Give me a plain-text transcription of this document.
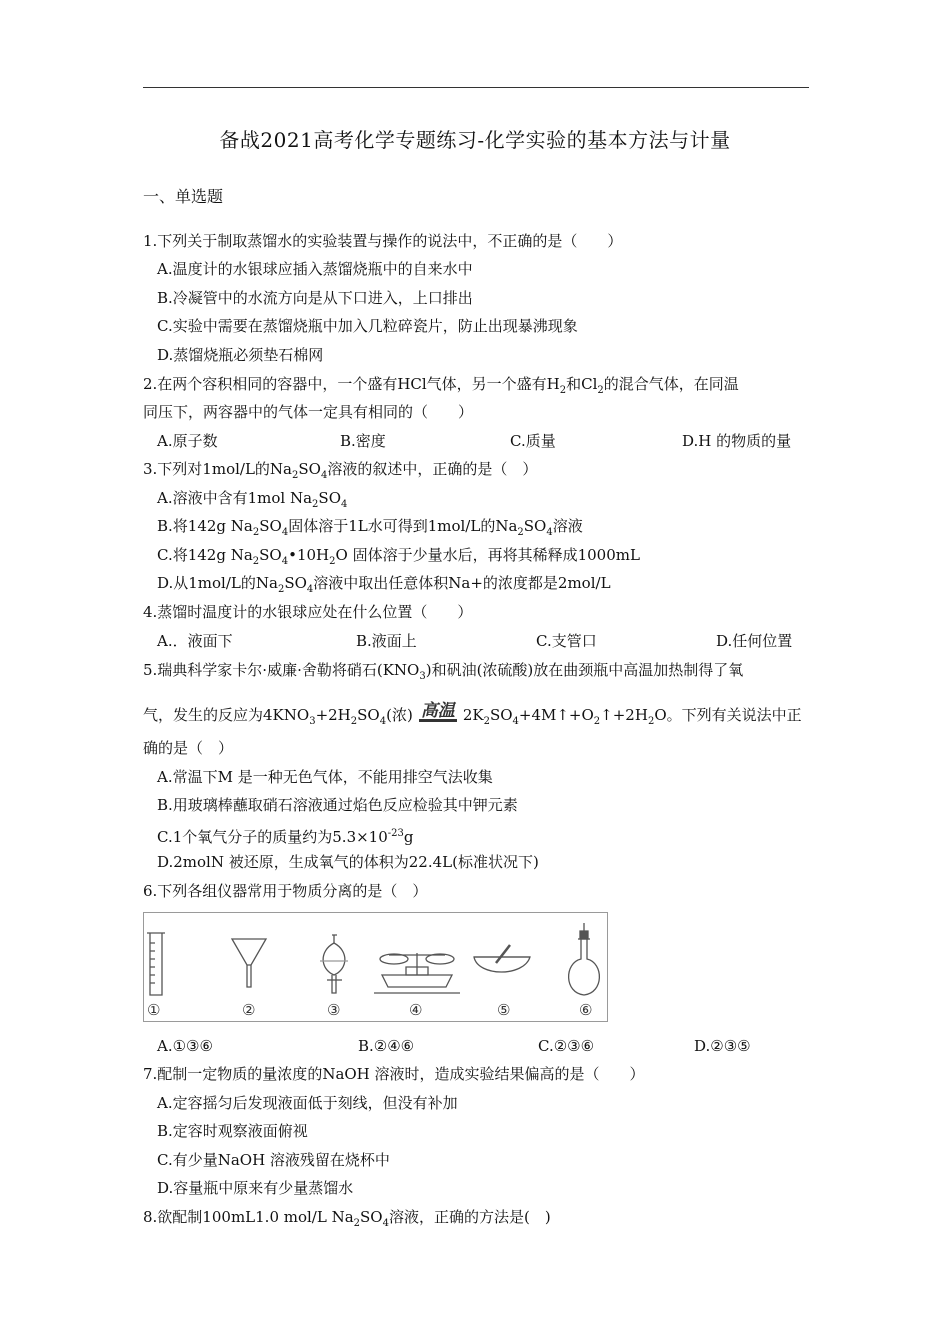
备战2021高考化学专题练习-化学实验的基本方法与计量
一、单选题
1.下列关于制取蒸馏水的实验装置与操作的说法中，不正确的是（　　）
A.温度计的水银球应插入蒸馏烧瓶中的自来水中
B.冷凝管中的水流方向是从下口进入，上口排出
C.实验中需要在蒸馏烧瓶中加入几粒碎瓷片，防止出现暴沸现象
D.蒸馏烧瓶必须垫石棉网
2.在两个容积相同的容器中，一个盛有HCl气体，另一个盛有$H_2$和$Cl_2$的混合气体，在同温
同压下，两容器中的气体一定具有相同的（　　）
A.原子数	B.密度	C.质量	D.H 的物质的量
3.下列对1mol/L的$Na_2SO_4$溶液的叙述中，正确的是（　）
A.溶液中含有1mol $Na_2SO_4$
B.将142g $Na_2SO_4$固体溶于1L水可得到1mol/L的$Na_2SO_4$溶液
C.将142g $Na_2SO_4•10H_2O$ 固体溶于少量水后，再将其稀释成1000mL
D.从1mol/L的$Na_2SO_4$溶液中取出任意体积Na+的浓度都是2mol/L
4.蒸馏时温度计的水银球应处在什么位置（　　）
A.．液面下	B.液面上	C.支管口	D.任何位置
5.瑞典科学家卡尔·威廉·舍勒将硝石$(KNO_3)$和矾油(浓硫酸)放在曲颈瓶中高温加热制得了氧
气，发生的反应为$4KNO_3+2H_2SO_4$(浓) 高温 $2K_2SO_4+4M↑+O_2↑+2H_2O$。下列有关说法中正
确的是（　）
A.常温下M 是一种无色气体，不能用排空气法收集
B.用玻璃棒蘸取硝石溶液通过焰色反应检验其中钾元素
C.1个氧气分子的质量约为$5.3\times 10^{-23}g$
D.2molN 被还原，生成氧气的体积为22.4L(标准状况下)
6.下列各组仪器常用于物质分离的是（　）
①	②	③	④	⑤	⑥
A.①③⑥	B.②④⑥	C.②③⑥	D.②③⑤
7.配制一定物质的量浓度的NaOH 溶液时，造成实验结果偏高的是（　　）
A.定容摇匀后发现液面低于刻线，但没有补加
B.定容时观察液面俯视
C.有少量NaOH 溶液残留在烧杯中
D.容量瓶中原来有少量蒸馏水
8.欲配制100mL1.0 mol/L $Na_2SO_4$溶液，正确的方法是(　)
